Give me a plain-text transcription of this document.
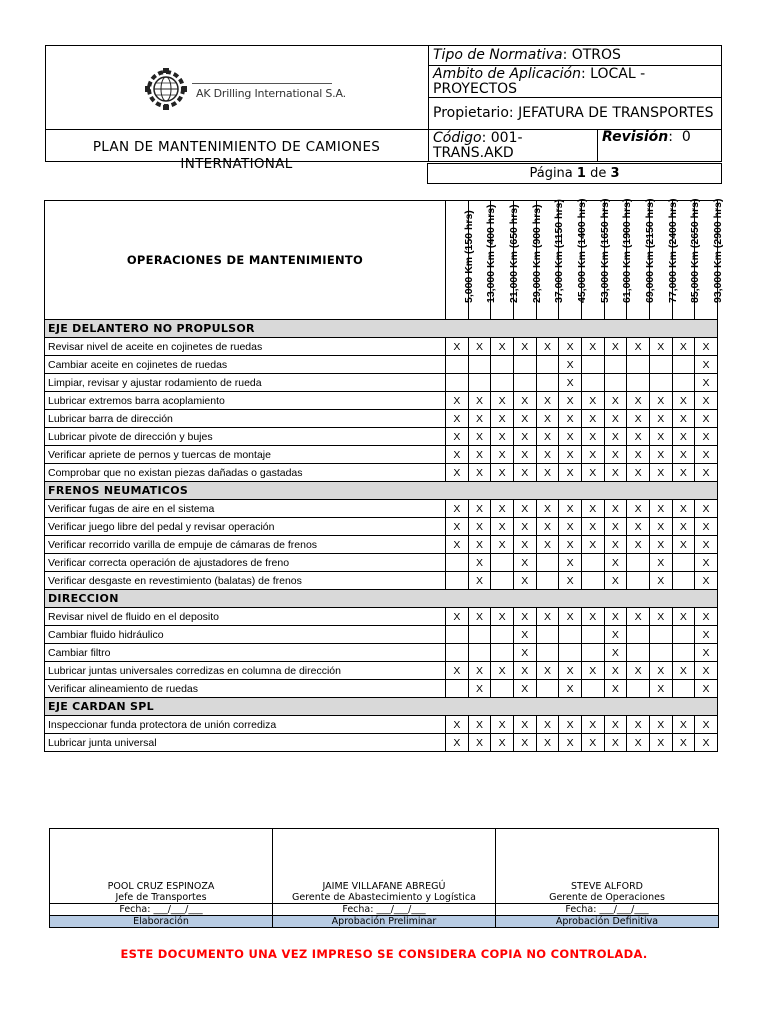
AK Drilling International S.A.	Tipo de Normativa: OTROS	
	Ambito de Aplicación: LOCAL - PROYECTOS	
	Propietario: JEFATURA DE TRANSPORTES	
	Código: 001-TRANS.AKD	Revisión:  0
PLAN DE MANTENIMIENTO DE CAMIONES INTERNATIONAL
Página 1 de 3
OPERACIONES DE MANTENIMIENTO	5,000 Km (150 hrs)	13,000 Km (400 hrs)	21,000 Km (650 hrs)	29,000 Km (900 hrs)	37,000 Km (1150 hrs)	45,000 Km (1400 hrs)	53,000 Km (1650 hrs)	61,000 Km (1900 hrs)	69,000 Km (2150 hrs)	77,000 Km (2400 hrs)	85,000 Km (2650 hrs)	93,000 Km (2900 hrs)

EJE DELANTERO NO PROPULSOR												
Revisar nivel de aceite en cojinetes de ruedas	X	X	X	X	X	X	X	X	X	X	X	X
Cambiar aceite en cojinetes de ruedas						X						X
Limpiar, revisar y ajustar rodamiento de rueda						X						X
Lubricar extremos barra acoplamiento	X	X	X	X	X	X	X	X	X	X	X	X
Lubricar barra de dirección	X	X	X	X	X	X	X	X	X	X	X	X
Lubricar pivote de dirección y bujes	X	X	X	X	X	X	X	X	X	X	X	X
Verificar apriete de pernos y tuercas de montaje	X	X	X	X	X	X	X	X	X	X	X	X
Comprobar que no existan piezas dañadas o gastadas	X	X	X	X	X	X	X	X	X	X	X	X
FRENOS NEUMATICOS												
Verificar fugas de aire en el sistema	X	X	X	X	X	X	X	X	X	X	X	X
Verificar juego libre del pedal y revisar operación	X	X	X	X	X	X	X	X	X	X	X	X
Verificar recorrido varilla de empuje de cámaras de frenos	X	X	X	X	X	X	X	X	X	X	X	X
Verificar correcta operación de ajustadores de freno		X		X		X		X		X		X
Verificar desgaste en revestimiento (balatas) de frenos		X		X		X		X		X		X
DIRECCION												
Revisar nivel de fluido en el deposito	X	X	X	X	X	X	X	X	X	X	X	X
Cambiar fluido hidráulico				X				X				X
Cambiar filtro				X				X				X
Lubricar juntas universales corredizas en columna de dirección	X	X	X	X	X	X	X	X	X	X	X	X
Verificar alineamiento de ruedas		X		X		X		X		X		X
EJE CARDAN SPL												
Inspeccionar funda protectora de unión corrediza	X	X	X	X	X	X	X	X	X	X	X	X
Lubricar junta universal	X	X	X	X	X	X	X	X	X	X	X	X

POOL CRUZ ESPINOZA	JAIME VILLAFANE ABREGÚ	STEVE ALFORD
Jefe de Transportes	Gerente de Abastecimiento y Logística	Gerente de Operaciones
Fecha: ___/___/___	Fecha: ___/___/___	Fecha: ___/___/___
Elaboración	Aprobación Preliminar	Aprobación Definitiva
ESTE DOCUMENTO UNA VEZ IMPRESO SE CONSIDERA COPIA NO CONTROLADA.
